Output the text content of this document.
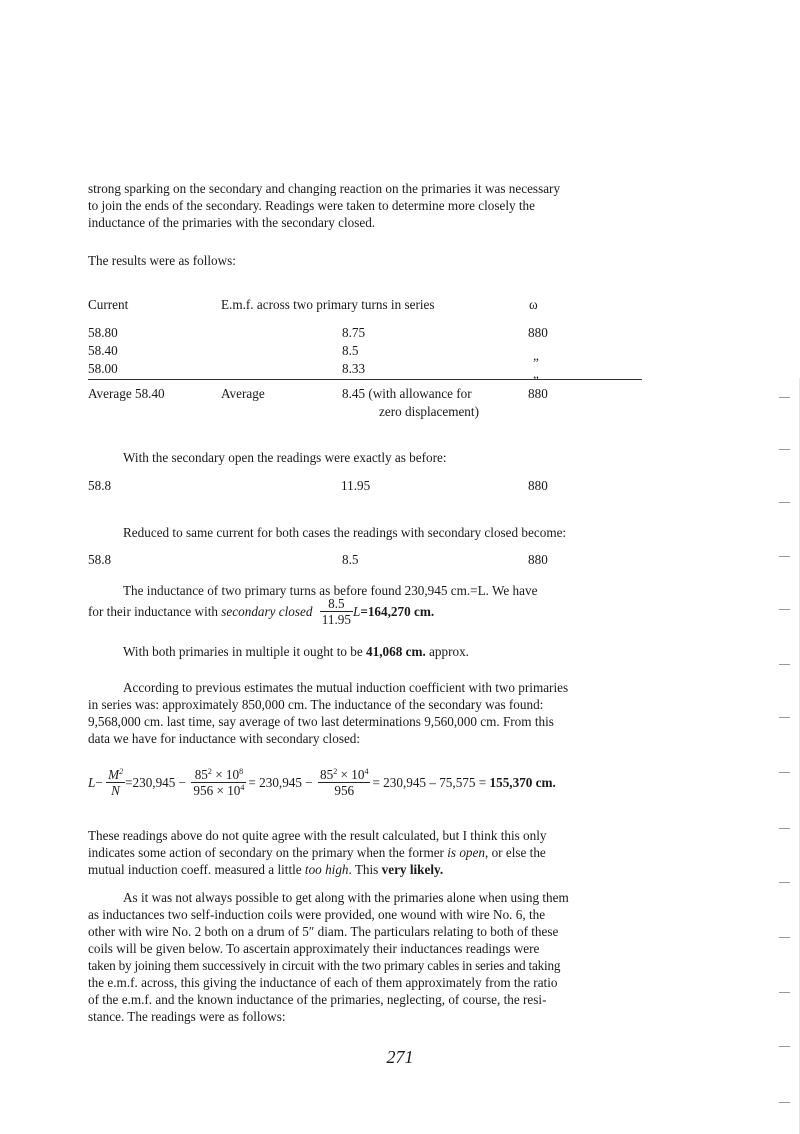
strong sparking on the secondary and changing reaction on the primaries it was necessary
to join the ends of the secondary. Readings were taken to determine more closely the
inductance of the primaries with the secondary closed.
The results were as follows:
Current	E.m.f. across two primary turns in series	ω
58.80	8.75	880
58.40	8.5	„
58.00	8.33	„
Average 58.40	Average	8.45 (with allowance for	880
zero displacement)
With the secondary open the readings were exactly as before:
58.8	11.95	880
Reduced to same current for both cases the readings with secondary closed become:
58.8	8.5	880
The inductance of two primary turns as before found 230,945 cm.=L. We have
for their inductance with secondary closed $\frac{8.5}{11.95} L=164,270$ cm.
With both primaries in multiple it ought to be 41,068 cm. approx.
According to previous estimates the mutual induction coefficient with two primaries
in series was: approximately 850,000 cm. The inductance of the secondary was found:
9,568,000 cm. last time, say average of two last determinations 9,560,000 cm. From this
data we have for inductance with secondary closed:
$L- \frac{M^2}{N} =230,945 - \frac{85^2 \times 10^8}{956 \times 10^4} = 230,945 - \frac{85^2 \times 10^4}{956} = 230,945 - 75,575 = 155,370$ cm.
These readings above do not quite agree with the result calculated, but I think this only
indicates some action of secondary on the primary when the former is open, or else the
mutual induction coeff. measured a little too high. This very likely.
As it was not always possible to get along with the primaries alone when using them
as inductances two self-induction coils were provided, one wound with wire No. 6, the
other with wire No. 2 both on a drum of 5″ diam. The particulars relating to both of these
coils will be given below. To ascertain approximately their inductances readings were
taken by joining them successively in circuit with the two primary cables in series and taking
the e.m.f. across, this giving the inductance of each of them approximately from the ratio
of the e.m.f. and the known inductance of the primaries, neglecting, of course, the resi-
stance. The readings were as follows:
271
